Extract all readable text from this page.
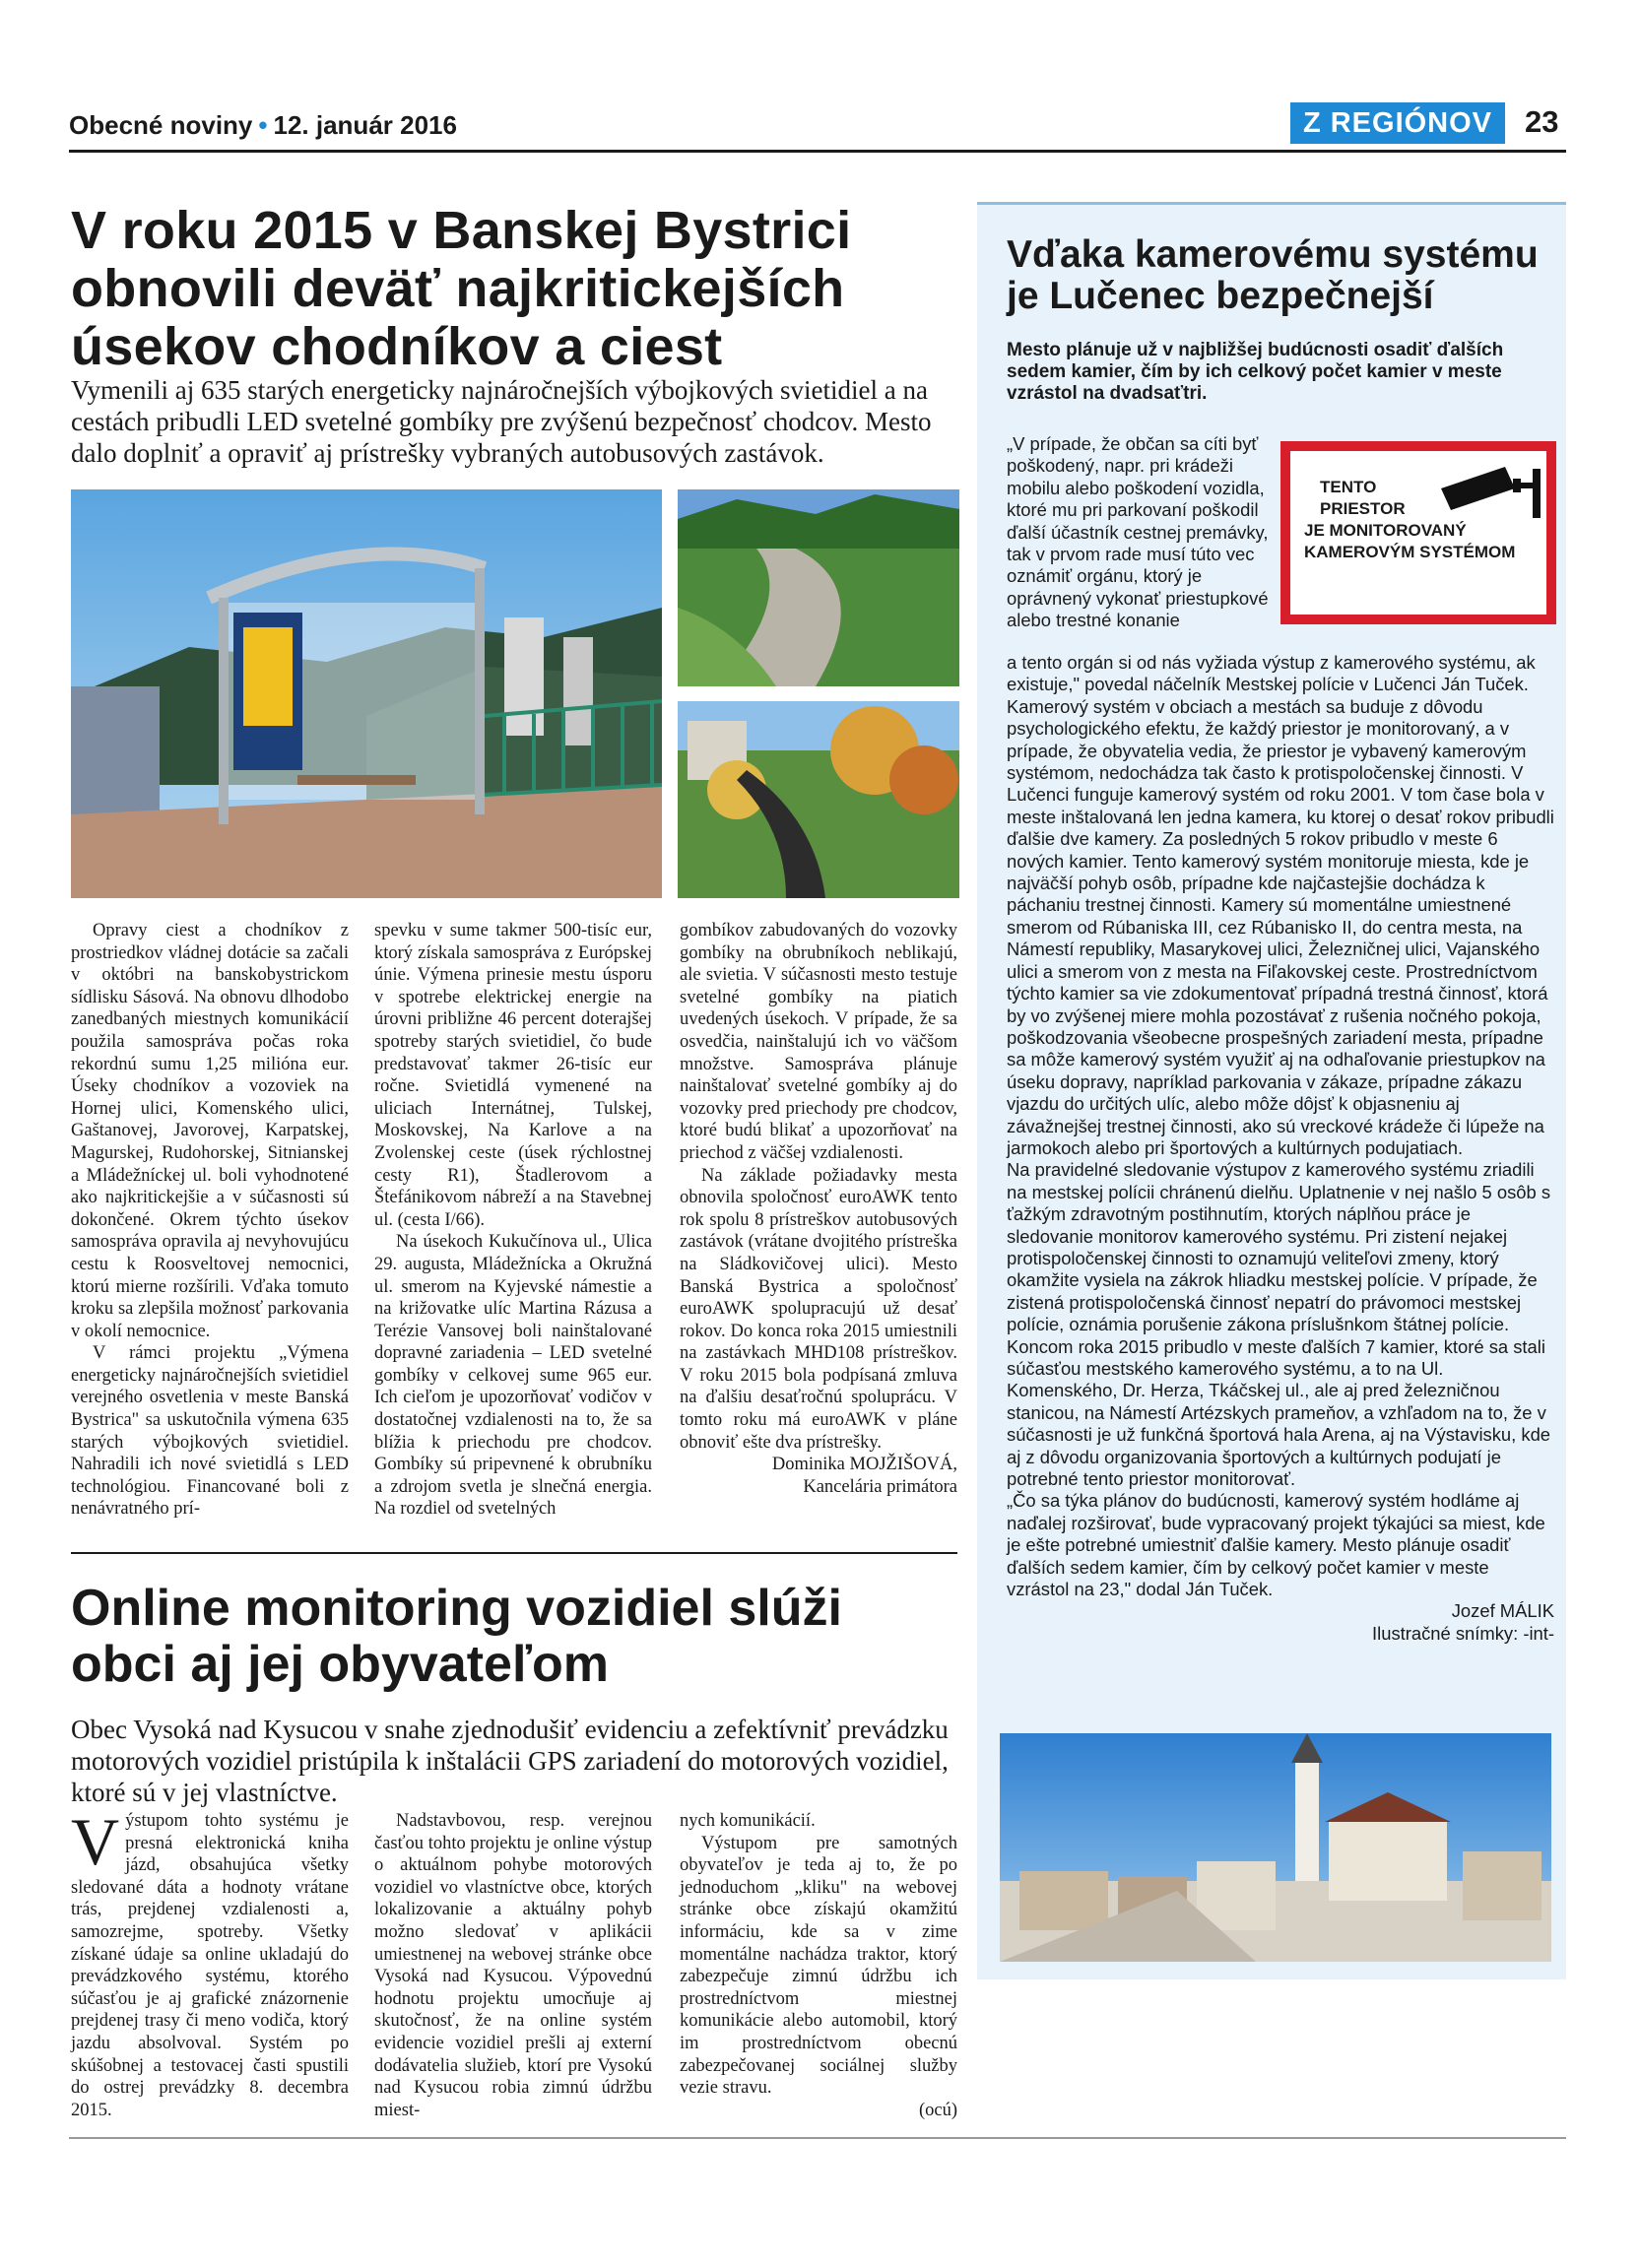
Obecné noviny • 12. január 2016	Z REGIÓNOV	23
V roku 2015 v Banskej Bystrici obnovili deväť najkritickejších úsekov chodníkov a ciest
Vymenili aj 635 starých energeticky najnáročnejších výbojkových svietidiel a na cestách pribudli LED svetelné gombíky pre zvýšenú bezpečnosť chodcov. Mesto dalo doplniť a opraviť aj prístrešky vybraných autobusových zastávok.

Opravy ciest a chodníkov z prostriedkov vládnej dotácie sa začali v októbri na banskobystrickom sídlisku Sásová. Na obnovu dlhodobo zanedbaných miestnych komunikácií použila samospráva počas roka rekordnú sumu 1,25 milióna eur. Úseky chodníkov a vozoviek na Hornej ulici, Komenského ulici, Gaštanovej, Javorovej, Karpatskej, Magurskej, Rudohorskej, Sitnianskej a Mládežníckej ul. boli vyhodnotené ako najkritickejšie a v súčasnosti sú dokončené. Okrem týchto úsekov samospráva opravila aj nevyhovujúcu cestu k Roosveltovej nemocnici, ktorú mierne rozšírili. Vďaka tomuto kroku sa zlepšila možnosť parkovania v okolí nemocnice.

V rámci projektu „Výmena energeticky najnáročnejších svietidiel verejného osvetlenia v meste Banská Bystrica" sa uskutočnila výmena 635 starých výbojkových svietidiel. Nahradili ich nové svietidlá s LED technológiou. Financované boli z nenávratného prí-

spevku v sume takmer 500-tisíc eur, ktorý získala samospráva z Európskej únie. Výmena prinesie mestu úsporu v spotrebe elektrickej energie na úrovni približne 46 percent doterajšej spotreby starých svietidiel, čo bude predstavovať takmer 26-tisíc eur ročne. Svietidlá vymenené na uliciach Internátnej, Tulskej, Moskovskej, Na Karlove a na Zvolenskej ceste (úsek rýchlostnej cesty R1), Štadlerovom a Štefánikovom nábreží a na Stavebnej ul. (cesta I/66).

Na úsekoch Kukučínova ul., Ulica 29. augusta, Mládežnícka a Okružná ul. smerom na Kyjevské námestie a na križovatke ulíc Martina Rázusa a Terézie Vansovej boli nainštalované dopravné zariadenia – LED svetelné gombíky v celkovej sume 965 eur. Ich cieľom je upozorňovať vodičov v dostatočnej vzdialenosti na to, že sa blížia k priechodu pre chodcov. Gombíky sú pripevnené k obrubníku a zdrojom svetla je slnečná energia. Na rozdiel od svetelných

gombíkov zabudovaných do vozovky gombíky na obrubníkoch neblikajú, ale svietia. V súčasnosti mesto testuje svetelné gombíky na piatich uvedených úsekoch. V prípade, že sa osvedčia, nainštalujú ich vo väčšom množstve. Samospráva plánuje nainštalovať svetelné gombíky aj do vozovky pred priechody pre chodcov, ktoré budú blikať a upozorňovať na priechod z väčšej vzdialenosti.

Na základe požiadavky mesta obnovila spoločnosť euroAWK tento rok spolu 8 prístreškov autobusových zastávok (vrátane dvojitého prístreška na Sládkovičovej ulici). Mesto Banská Bystrica a spoločnosť euroAWK spolupracujú už desať rokov. Do konca roka 2015 umiestnili na zastávkach MHD108 prístreškov. V roku 2015 bola podpísaná zmluva na ďalšiu desaťročnú spoluprácu. V tomto roku má euroAWK v pláne obnoviť ešte dva prístrešky.

Dominika MOJŽIŠOVÁ,
Kancelária primátora
Vďaka kamerovému systému je Lučenec bezpečnejší
Mesto plánuje už v najbližšej budúcnosti osadiť ďalších sedem kamier, čím by ich celkový počet kamier v meste vzrástol na dvadsaťtri.
„V prípade, že občan sa cíti byť poškodený, napr. pri krádeži mobilu alebo poškodení vozidla, ktoré mu pri parkovaní poškodil ďalší účastník cestnej premávky, tak v prvom rade musí túto vec oznámiť orgánu, ktorý je oprávnený vykonať priestupkové alebo trestné konanie
TENTO
PRIESTOR
JE MONITOROVANÝ
KAMEROVÝM SYSTÉMOM

a tento orgán si od nás vyžiada výstup z kamerového systému, ak existuje," povedal náčelník Mestskej polície v Lučenci Ján Tuček.

Kamerový systém v obciach a mestách sa buduje z dôvodu psychologického efektu, že každý priestor je monitorovaný, a v prípade, že obyvatelia vedia, že priestor je vybavený kamerovým systémom, nedochádza tak často k protispoločenskej činnosti. V Lučenci funguje kamerový systém od roku 2001. V tom čase bola v meste inštalovaná len jedna kamera, ku ktorej o desať rokov pribudli ďalšie dve kamery. Za posledných 5 rokov pribudlo v meste 6 nových kamier. Tento kamerový systém monitoruje miesta, kde je najväčší pohyb osôb, prípadne kde najčastejšie dochádza k páchaniu trestnej činnosti. Kamery sú momentálne umiestnené smerom od Rúbaniska III, cez Rúbanisko II, do centra mesta, na Námestí republiky, Masarykovej ulici, Železničnej ulici, Vajanského ulici a smerom von z mesta na Fiľakovskej ceste. Prostredníctvom týchto kamier sa vie zdokumentovať prípadná trestná činnosť, ktorá by vo zvýšenej miere mohla pozostávať z rušenia nočného pokoja, poškodzovania všeobecne prospešných zariadení mesta, prípadne sa môže kamerový systém využiť aj na odhaľovanie priestupkov na úseku dopravy, napríklad parkovania v zákaze, prípadne zákazu vjazdu do určitých ulíc, alebo môže dôjsť k objasneniu aj závažnejšej trestnej činnosti, ako sú vreckové krádeže či lúpeže na jarmokoch alebo pri športových a kultúrnych podujatiach.

Na pravidelné sledovanie výstupov z kamerového systému zriadili na mestskej polícii chránenú dielňu. Uplatnenie v nej našlo 5 osôb s ťažkým zdravotným postihnutím, ktorých náplňou práce je sledovanie monitorov kamerového systému. Pri zistení nejakej protispoločenskej činnosti to oznamujú veliteľovi zmeny, ktorý okamžite vysiela na zákrok hliadku mestskej polície. V prípade, že zistená protispoločenská činnosť nepatrí do právomoci mestskej polície, oznámia porušenie zákona príslušnkom štátnej polície. Koncom roka 2015 pribudlo v meste ďalších 7 kamier, ktoré sa stali súčasťou mestského kamerového systému, a to na Ul. Komenského, Dr. Herza, Tkáčskej ul., ale aj pred železničnou stanicou, na Námestí Artézskych prameňov, a vzhľadom na to, že v súčasnosti je už funkčná športová hala Arena, aj na Výstavisku, kde aj z dôvodu organizovania športových a kultúrnych podujatí je potrebné tento priestor monitorovať.

„Čo sa týka plánov do budúcnosti, kamerový systém hodláme aj naďalej rozširovať, bude vypracovaný projekt týkajúci sa miest, kde je ešte potrebné umiestniť ďalšie kamery. Mesto plánuje osadiť ďalších sedem kamier, čím by celkový počet kamier v meste vzrástol na 23," dodal Ján Tuček.

Jozef MÁLIK
Ilustračné snímky: -int-
Online monitoring vozidiel slúži obci aj jej obyvateľom
Obec Vysoká nad Kysucou v snahe zjednodušiť evidenciu a zefektívniť prevádzku motorových vozidiel pristúpila k inštalácii GPS zariadení do motorových vozidiel, ktoré sú v jej vlastníctve.
Výstupom tohto systému je presná elektronická kniha jázd, obsahujúca všetky sledované dáta a hodnoty vrátane trás, prejdenej vzdialenosti a, samozrejme, spotreby. Všetky získané údaje sa online ukladajú do prevádzkového systému, ktorého súčasťou je aj grafické znázornenie prejdenej trasy či meno vodiča, ktorý jazdu absolvoval. Systém po skúšobnej a testovacej časti spustili do ostrej prevádzky 8. decembra 2015.

Nadstavbovou, resp. verejnou časťou tohto projektu je online výstup o aktuálnom pohybe motorových vozidiel vo vlastníctve obce, ktorých lokalizovanie a aktuálny pohyb možno sledovať v aplikácii umiestnenej na webovej stránke obce Vysoká nad Kysucou. Výpovednú hodnotu projektu umocňuje aj skutočnosť, že na online systém evidencie vozidiel prešli aj externí dodávatelia služieb, ktorí pre Vysokú nad Kysucou robia zimnú údržbu miest-

nych komunikácií.

Výstupom pre samotných obyvateľov je teda aj to, že po jednoduchom „kliku" na webovej stránke obce získajú okamžitú informáciu, kde sa v zime momentálne nachádza traktor, ktorý zabezpečuje zimnú údržbu ich prostredníctvom miestnej komunikácie alebo automobil, ktorý im prostredníctvom obecnú zabezpečovanej sociálnej služby vezie stravu.

(ocú)
